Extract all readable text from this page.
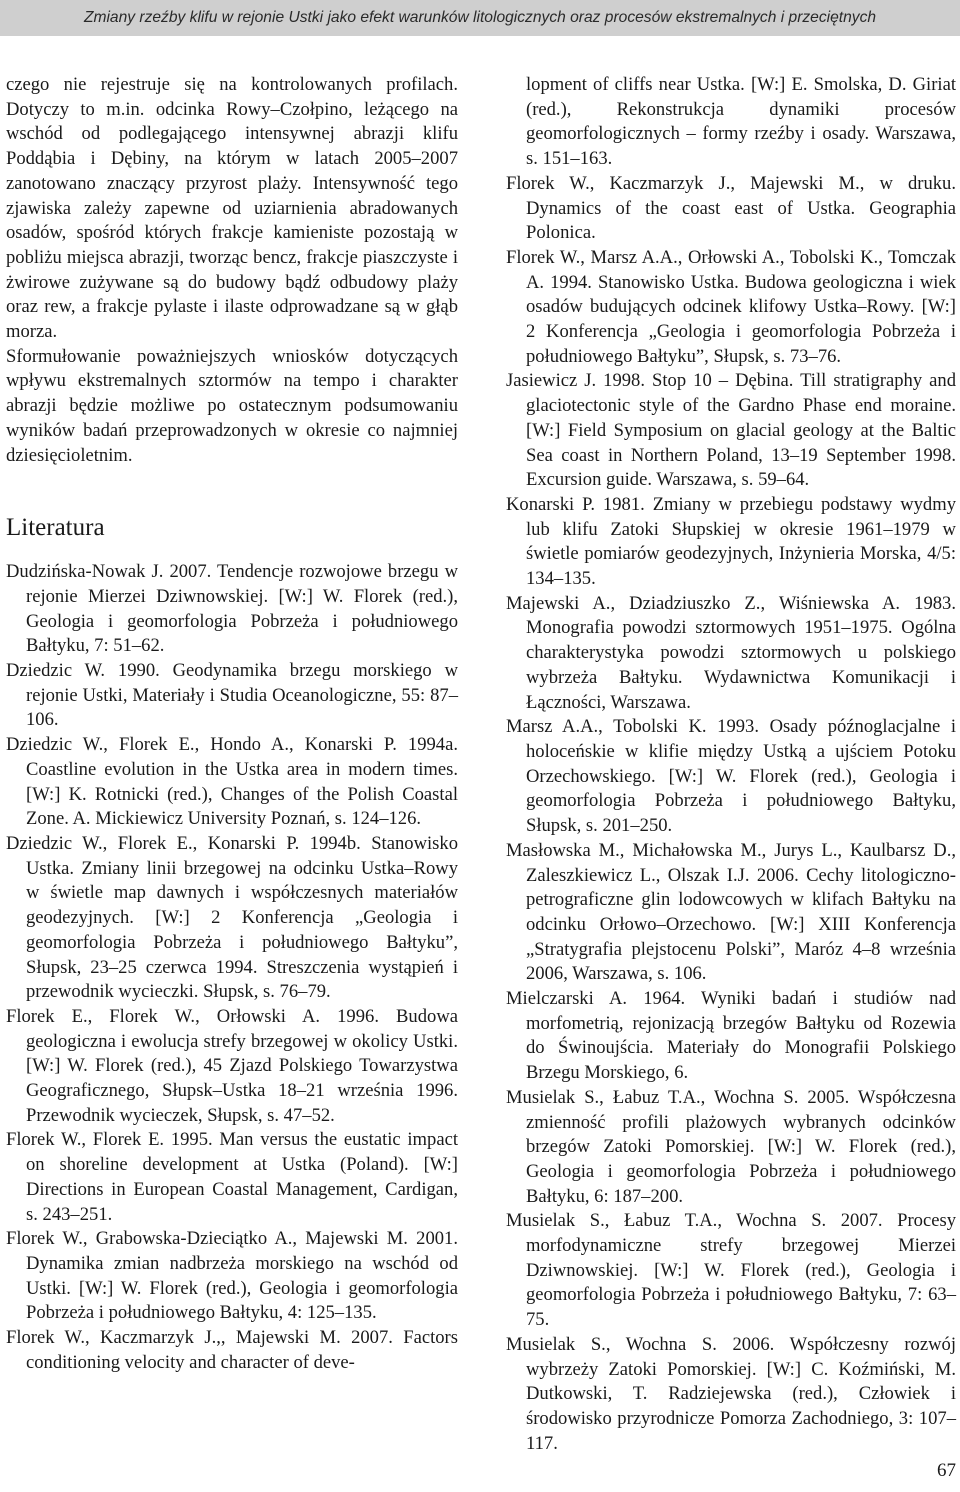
Zmiany rzeźby klifu w rejonie Ustki jako efekt warunków litologicznych oraz procesów ekstremalnych i przeciętnych

czego nie rejestruje się na kontrolowanych profilach. Dotyczy to m.in. odcinka Rowy–Czołpino, leżącego na wschód od podlegającego intensywnej abrazji klifu Poddąbia i Dębiny, na którym w latach 2005–2007 zanotowano znaczący przyrost plaży. Intensywność tego zjawiska zależy zapewne od uziarnienia abradowanych osadów, spośród których frakcje kamieniste pozostają w pobliżu miejsca abrazji, tworząc bencz, frakcje piaszczyste i żwirowe zużywane są do budowy bądź odbudowy plaży oraz rew, a frakcje pylaste i ilaste odprowadzane są w głąb morza.

Sformułowanie poważniejszych wniosków dotyczących wpływu ekstremalnych sztormów na tempo i charakter abrazji będzie możliwe po ostatecznym podsumowaniu wyników badań przeprowadzonych w okresie co najmniej dziesięcioletnim.

Literatura

Dudzińska-Nowak J. 2007. Tendencje rozwojowe brzegu w rejonie Mierzei Dziwnowskiej. [W:] W. Florek (red.), Geologia i geomorfologia Pobrzeża i południowego Bałtyku, 7: 51–62.

Dziedzic W. 1990. Geodynamika brzegu morskiego w rejonie Ustki, Materiały i Studia Oceanologiczne, 55: 87–106.

Dziedzic W., Florek E., Hondo A., Konarski P. 1994a. Coastline evolution in the Ustka area in modern times. [W:] K. Rotnicki (red.), Changes of the Polish Coastal Zone. A. Mickiewicz University Poznań, s. 124–126.

Dziedzic W., Florek E., Konarski P. 1994b. Stanowisko Ustka. Zmiany linii brzegowej na odcinku Ustka–Rowy w świetle map dawnych i współczesnych materiałów geodezyjnych. [W:] 2 Konferencja „Geologia i geomorfologia Pobrzeża i południowego Bałtyku”, Słupsk, 23–25 czerwca 1994. Streszczenia wystąpień i przewodnik wycieczki. Słupsk, s. 76–79.

Florek E., Florek W., Orłowski A. 1996. Budowa geologiczna i ewolucja strefy brzegowej w okolicy Ustki. [W:] W. Florek (red.), 45 Zjazd Polskiego Towarzystwa Geograficznego, Słupsk–Ustka 18–21 września 1996. Przewodnik wycieczek, Słupsk, s. 47–52.

Florek W., Florek E. 1995. Man versus the eustatic impact on shoreline development at Ustka (Poland). [W:] Directions in European Coastal Management, Cardigan, s. 243–251.

Florek W., Grabowska-Dzieciątko A., Majewski M. 2001. Dynamika zmian nadbrzeża morskiego na wschód od Ustki. [W:] W. Florek (red.), Geologia i geomorfologia Pobrzeża i południowego Bałtyku, 4: 125–135.

Florek W., Kaczmarzyk J.,, Majewski M. 2007. Factors conditioning velocity and character of deve-

lopment of cliffs near Ustka. [W:] E. Smolska, D. Giriat (red.), Rekonstrukcja dynamiki procesów geomorfologicznych – formy rzeźby i osady. Warszawa, s. 151–163.

Florek W., Kaczmarzyk J., Majewski M., w druku. Dynamics of the coast east of Ustka. Geographia Polonica.

Florek W., Marsz A.A., Orłowski A., Tobolski K., Tomczak A. 1994. Stanowisko Ustka. Budowa geologiczna i wiek osadów budujących odcinek klifowy Ustka–Rowy. [W:] 2 Konferencja „Geologia i geomorfologia Pobrzeża i południowego Bałtyku”, Słupsk, s. 73–76.

Jasiewicz J. 1998. Stop 10 – Dębina. Till stratigraphy and glaciotectonic style of the Gardno Phase end moraine. [W:] Field Symposium on glacial geology at the Baltic Sea coast in Northern Poland, 13–19 September 1998. Excursion guide. Warszawa, s. 59–64.

Konarski P. 1981. Zmiany w przebiegu podstawy wydmy lub klifu Zatoki Słupskiej w okresie 1961–1979 w świetle pomiarów geodezyjnych, Inżynieria Morska, 4/5: 134–135.

Majewski A., Dziadziuszko Z., Wiśniewska A. 1983. Monografia powodzi sztormowych 1951–1975. Ogólna charakterystyka powodzi sztormowych u polskiego wybrzeża Bałtyku. Wydawnictwa Komunikacji i Łączności, Warszawa.

Marsz A.A., Tobolski K. 1993. Osady późnoglacjalne i holoceńskie w klifie między Ustką a ujściem Potoku Orzechowskiego. [W:] W. Florek (red.), Geologia i geomorfologia Pobrzeża i południowego Bałtyku, Słupsk, s. 201–250.

Masłowska M., Michałowska M., Jurys L., Kaulbarsz D., Zaleszkiewicz L., Olszak I.J. 2006. Cechy litologiczno-petrograficzne glin lodowcowych w klifach Bałtyku na odcinku Orłowo–Orzechowo. [W:] XIII Konferencja „Stratygrafia plejstocenu Polski”, Maróz 4–8 września 2006, Warszawa, s. 106.

Mielczarski A. 1964. Wyniki badań i studiów nad morfometrią, rejonizacją brzegów Bałtyku od Rozewia do Świnoujścia. Materiały do Monografii Polskiego Brzegu Morskiego, 6.

Musielak S., Łabuz T.A., Wochna S. 2005. Współczesna zmienność profili plażowych wybranych odcinków brzegów Zatoki Pomorskiej. [W:] W. Florek (red.), Geologia i geomorfologia Pobrzeża i południowego Bałtyku, 6: 187–200.

Musielak S., Łabuz T.A., Wochna S. 2007. Procesy morfodynamiczne strefy brzegowej Mierzei Dziwnowskiej. [W:] W. Florek (red.), Geologia i geomorfologia Pobrzeża i południowego Bałtyku, 7: 63–75.

Musielak S., Wochna S. 2006. Współczesny rozwój wybrzeży Zatoki Pomorskiej. [W:] C. Koźmiński, M. Dutkowski, T. Radziejewska (red.), Człowiek i środowisko przyrodnicze Pomorza Zachodniego, 3: 107–117.

67
